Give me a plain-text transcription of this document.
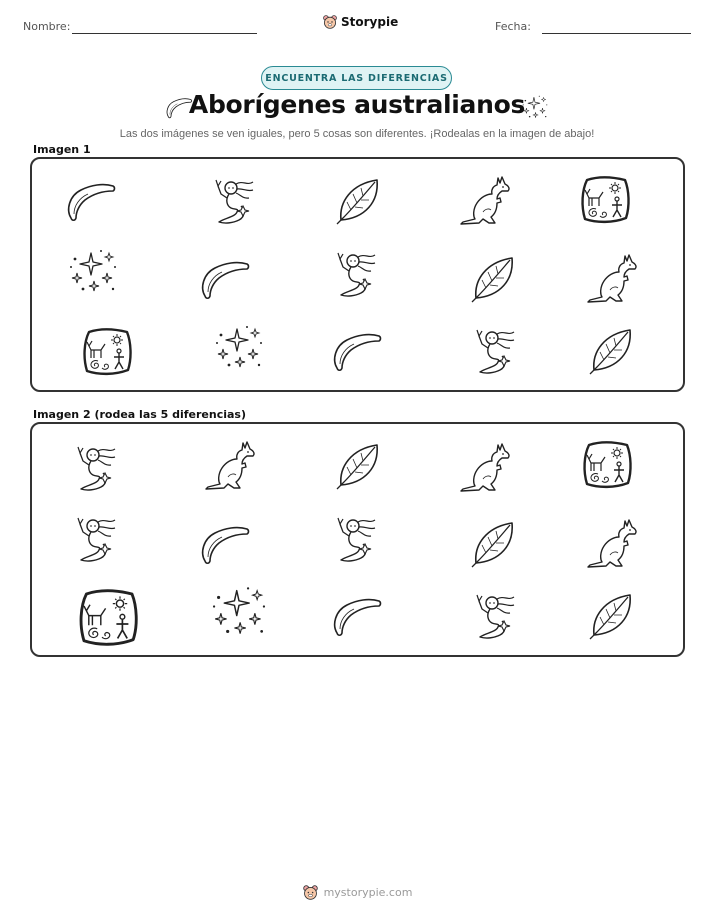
Nombre:	Storypie	Fecha:
ENCUENTRA LAS DIFERENCIAS
Aborígenes australianos
Las dos imágenes se ven iguales, pero 5 cosas son diferentes. ¡Rodealas en la imagen de abajo!
Imagen 1
Imagen 2 (rodea las 5 diferencias)
mystorypie.com
